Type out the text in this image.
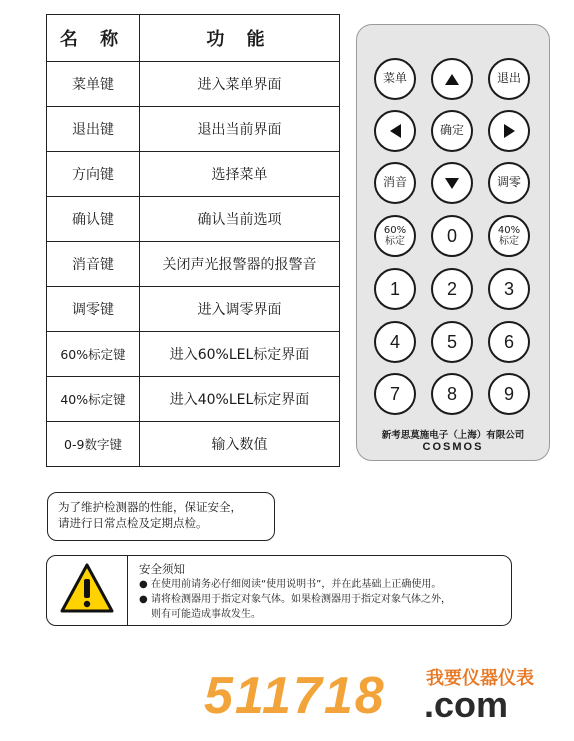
名 称	功 能
菜单键	进入菜单界面
退出键	退出当前界面
方向键	选择菜单
确认键	确认当前选项
消音键	关闭声光报警器的报警音
调零键	进入调零界面
60%标定键	进入60%LEL标定界面
40%标定键	进入40%LEL标定界面
0-9数字键	输入数值
菜单	退出
确定
消音	调零
60%
标定 0	40%
标定
1	2	3
4	5	6
7	8	9
新考思莫施电子（上海）有限公司
COSMOS
为了维护检测器的性能，保证安全，
请进行日常点检及定期点检。
安全须知
● 在使用前请务必仔细阅读“使用说明书”，并在此基础上正确使用。
● 请将检测器用于指定对象气体。如果检测器用于指定对象气体之外，
则有可能造成事故发生。
511718 我要仪器仪表
.com
